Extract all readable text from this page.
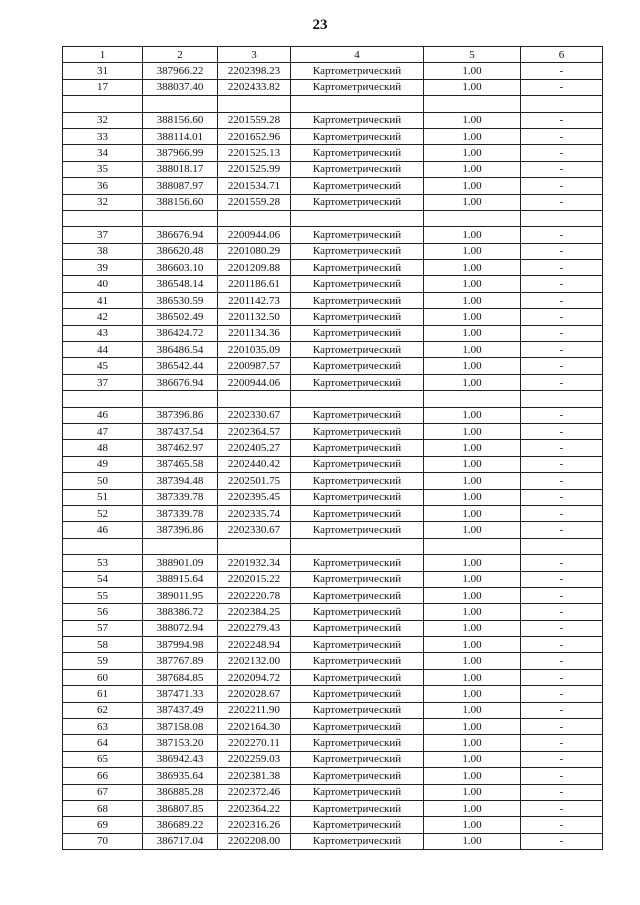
23
1	2	3	4	5	6
31	387966.22	2202398.23	Картометрический	1.00	-
17	388037.40	2202433.82	Картометрический	1.00	-

32	388156.60	2201559.28	Картометрический	1.00	-
33	388114.01	2201652.96	Картометрический	1.00	-
34	387966.99	2201525.13	Картометрический	1.00	-
35	388018.17	2201525.99	Картометрический	1.00	-
36	388087.97	2201534.71	Картометрический	1.00	-
32	388156.60	2201559.28	Картометрический	1.00	-

37	386676.94	2200944.06	Картометрический	1.00	-
38	386620.48	2201080.29	Картометрический	1.00	-
39	386603.10	2201209.88	Картометрический	1.00	-
40	386548.14	2201186.61	Картометрический	1.00	-
41	386530.59	2201142.73	Картометрический	1.00	-
42	386502.49	2201132.50	Картометрический	1.00	-
43	386424.72	2201134.36	Картометрический	1.00	-
44	386486.54	2201035.09	Картометрический	1.00	-
45	386542.44	2200987.57	Картометрический	1.00	-
37	386676.94	2200944.06	Картометрический	1.00	-

46	387396.86	2202330.67	Картометрический	1.00	-
47	387437.54	2202364.57	Картометрический	1.00	-
48	387462.97	2202405.27	Картометрический	1.00	-
49	387465.58	2202440.42	Картометрический	1.00	-
50	387394.48	2202501.75	Картометрический	1.00	-
51	387339.78	2202395.45	Картометрический	1.00	-
52	387339.78	2202335.74	Картометрический	1.00	-
46	387396.86	2202330.67	Картометрический	1.00	-

53	388901.09	2201932.34	Картометрический	1.00	-
54	388915.64	2202015.22	Картометрический	1.00	-
55	389011.95	2202220.78	Картометрический	1.00	-
56	388386.72	2202384.25	Картометрический	1.00	-
57	388072.94	2202279.43	Картометрический	1.00	-
58	387994.98	2202248.94	Картометрический	1.00	-
59	387767.89	2202132.00	Картометрический	1.00	-
60	387684.85	2202094.72	Картометрический	1.00	-
61	387471.33	2202028.67	Картометрический	1.00	-
62	387437.49	2202211.90	Картометрический	1.00	-
63	387158.08	2202164.30	Картометрический	1.00	-
64	387153.20	2202270.11	Картометрический	1.00	-
65	386942.43	2202259.03	Картометрический	1.00	-
66	386935.64	2202381.38	Картометрический	1.00	-
67	386885.28	2202372.46	Картометрический	1.00	-
68	386807.85	2202364.22	Картометрический	1.00	-
69	386689.22	2202316.26	Картометрический	1.00	-
70	386717.04	2202208.00	Картометрический	1.00	-
